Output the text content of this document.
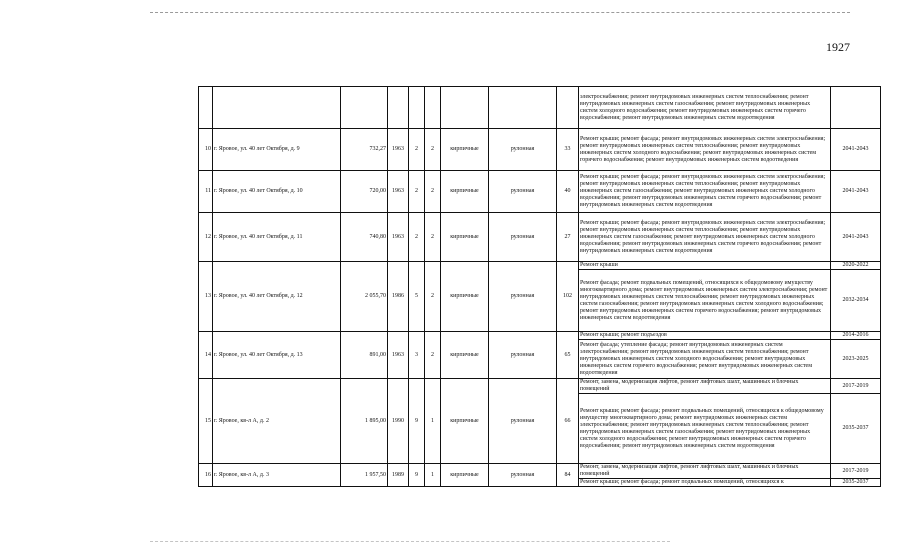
1927
									электроснабжения; ремонт внутридомовых инженерных систем теплоснабжения; ремонт внутридомовых инженерных систем газоснабжения; ремонт внутридомовых инженерных систем холодного водоснабжения; ремонт внутридомовых инженерных систем горячего водоснабжения; ремонт внутридомовых инженерных систем водоотведения	
10	г. Яровое, ул. 40 лет Октября, д. 9	732,27	1963	2	2	кирпичные	рулонная	33	Ремонт крыши; ремонт фасада; ремонт внутридомовых инженерных систем электроснабжения; ремонт внутридомовых инженерных систем теплоснабжения; ремонт внутридомовых инженерных систем холодного водоснабжения; ремонт внутридомовых инженерных систем горячего водоснабжения; ремонт внутридомовых инженерных систем водоотведения	2041-2043
11	г. Яровое, ул. 40 лет Октября, д. 10	720,00	1963	2	2	кирпичные	рулонная	40	Ремонт крыши; ремонт фасада; ремонт внутридомовых инженерных систем электроснабжения; ремонт внутридомовых инженерных систем теплоснабжения; ремонт внутридомовых инженерных систем газоснабжения; ремонт внутридомовых инженерных систем холодного водоснабжения; ремонт внутридомовых инженерных систем горячего водоснабжения; ремонт внутридомовых инженерных систем водоотведения	2041-2043
12	г. Яровое, ул. 40 лет Октября, д. 11	740,80	1963	2	2	кирпичные	рулонная	27	Ремонт крыши; ремонт фасада; ремонт внутридомовых инженерных систем электроснабжения; ремонт внутридомовых инженерных систем теплоснабжения; ремонт внутридомовых инженерных систем газоснабжения; ремонт внутридомовых инженерных систем холодного водоснабжения; ремонт внутридомовых инженерных систем горячего водоснабжения; ремонт внутридомовых инженерных систем водоотведения	2041-2043
13	г. Яровое, ул. 40 лет Октября, д. 12	2 055,70	1986	5	2	кирпичные	рулонная	102	Ремонт крыши	2020-2022
									Ремонт фасада; ремонт подвальных помещений, относящихся к общедомовому имуществу многоквартирного дома; ремонт внутридомовых инженерных систем электроснабжения; ремонт внутридомовых инженерных систем теплоснабжения; ремонт внутридомовых инженерных систем газоснабжения; ремонт внутридомовых инженерных систем холодного водоснабжения; ремонт внутридомовых инженерных систем горячего водоснабжения; ремонт внутридомовых инженерных систем водоотведения	2032-2034
14	г. Яровое, ул. 40 лет Октября, д. 13	891,00	1963	3	2	кирпичные	рулонная	65	Ремонт крыши; ремонт подъездов	2014-2016
									Ремонт фасада; утепление фасада; ремонт внутридомовых инженерных систем электроснабжения; ремонт внутридомовых инженерных систем теплоснабжения; ремонт внутридомовых инженерных систем холодного водоснабжения; ремонт внутридомовых инженерных систем горячего водоснабжения; ремонт внутридомовых инженерных систем водоотведения	2023-2025
15	г. Яровое, кв-л А, д. 2	1 895,00	1990	9	1	кирпичные	рулонная	66	Ремонт, замена, модернизация лифтов, ремонт лифтовых шахт, машинных и блочных помещений	2017-2019
									Ремонт крыши; ремонт фасада; ремонт подвальных помещений, относящихся к общедомовому имуществу многоквартирного дома; ремонт внутридомовых инженерных систем электроснабжения; ремонт внутридомовых инженерных систем теплоснабжения; ремонт внутридомовых инженерных систем газоснабжения; ремонт внутридомовых инженерных систем холодного водоснабжения; ремонт внутридомовых инженерных систем горячего водоснабжения; ремонт внутридомовых инженерных систем водоотведения	2035-2037
16	г. Яровое, кв-л А, д. 3	1 957,50	1989	9	1	кирпичные	рулонная	84	Ремонт, замена, модернизация лифтов, ремонт лифтовых шахт, машинных и блочных помещений	2017-2019
									Ремонт крыши; ремонт фасада; ремонт подвальных помещений, относящихся к	2035-2037
